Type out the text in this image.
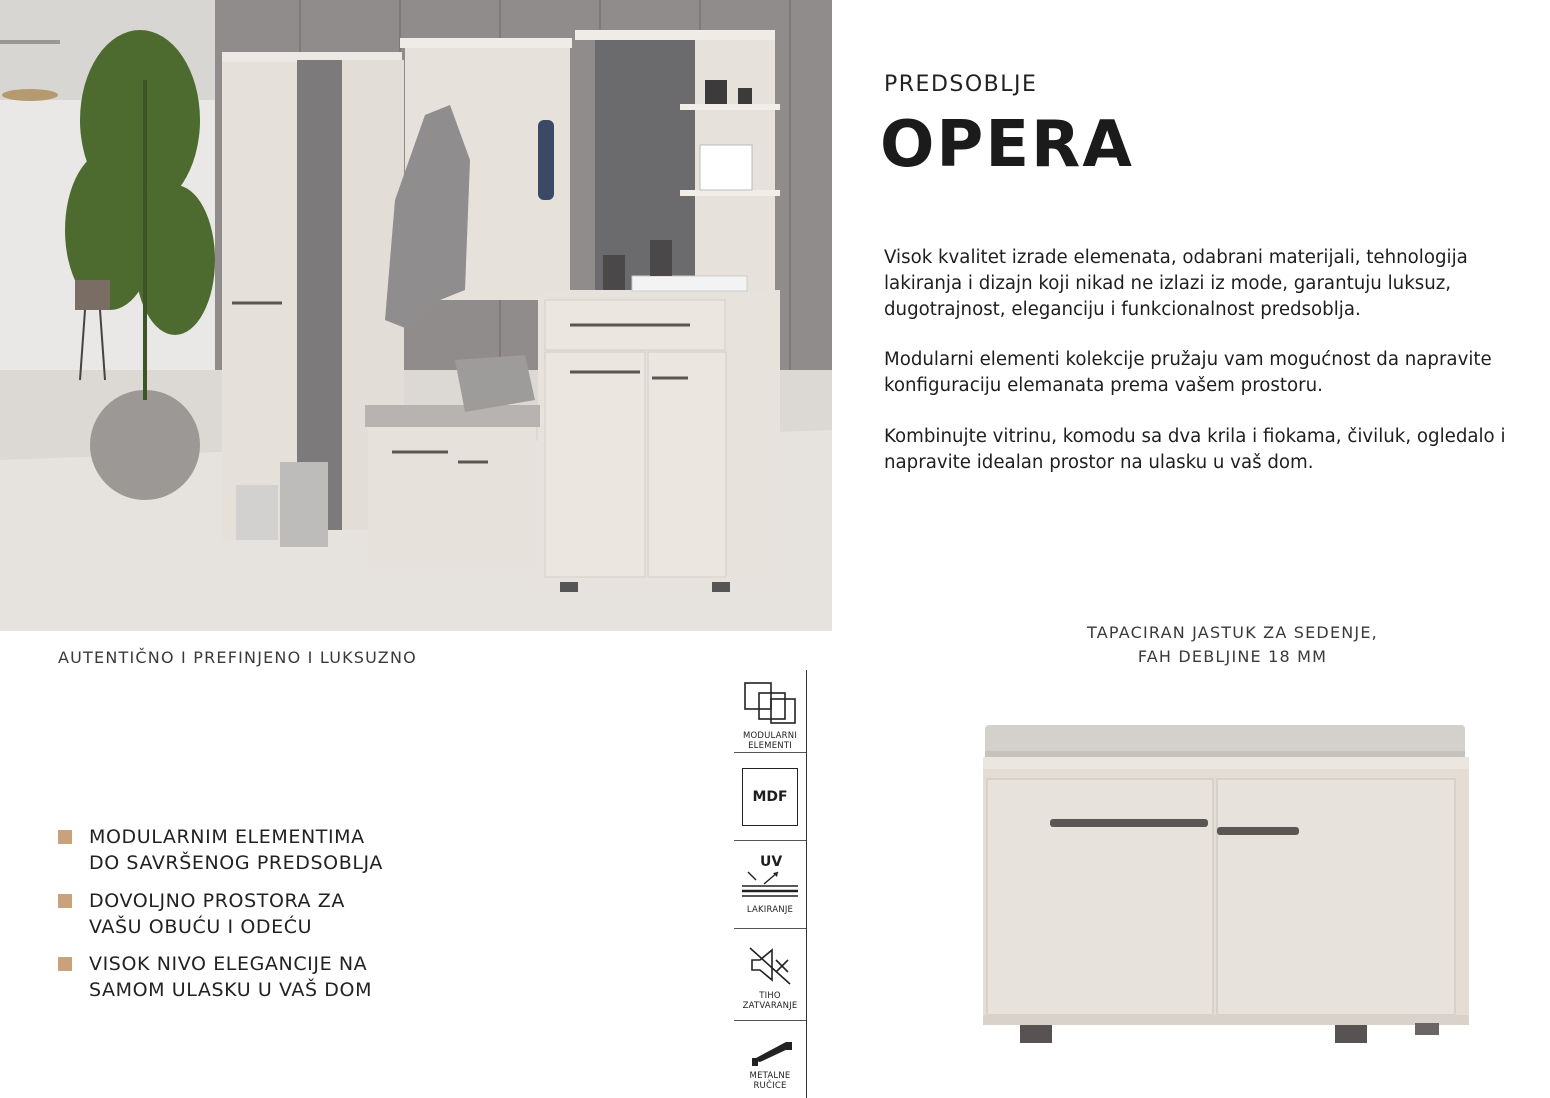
AUTENTIČNO I PREFINJENO I LUKSUZNO
PREDSOBLJE
OPERA

Visok kvalitet izrade elemenata, odabrani materijali, tehnologija lakiranja i dizajn koji nikad ne izlazi iz mode, garantuju luksuz, dugotrajnost, eleganciju i funkcionalnost predsoblja.

Modularni elementi kolekcije pružaju vam mogućnost da napravite konfiguraciju elemanata prema vašem prostoru.

Kombinujte vitrinu, komodu sa dva krila i fiokama, čiviluk, ogledalo i napravite idealan prostor na ulasku u vaš dom.

MODULARNIM ELEMENTIMA
DO SAVRŠENOG PREDSOBLJA
DOVOLJNO PROSTORA ZA
VAŠU OBUĆU I ODEĆU
VISOK NIVO ELEGANCIJE NA
SAMOM ULASKU U VAŠ DOM
MODULARNI
ELEMENTI
MDF
UV
LAKIRANJE
TIHO
ZATVARANJE
METALNE
RUČICE
TAPACIRAN JASTUK ZA SEDENJE,
FAH DEBLJINE 18 MM
